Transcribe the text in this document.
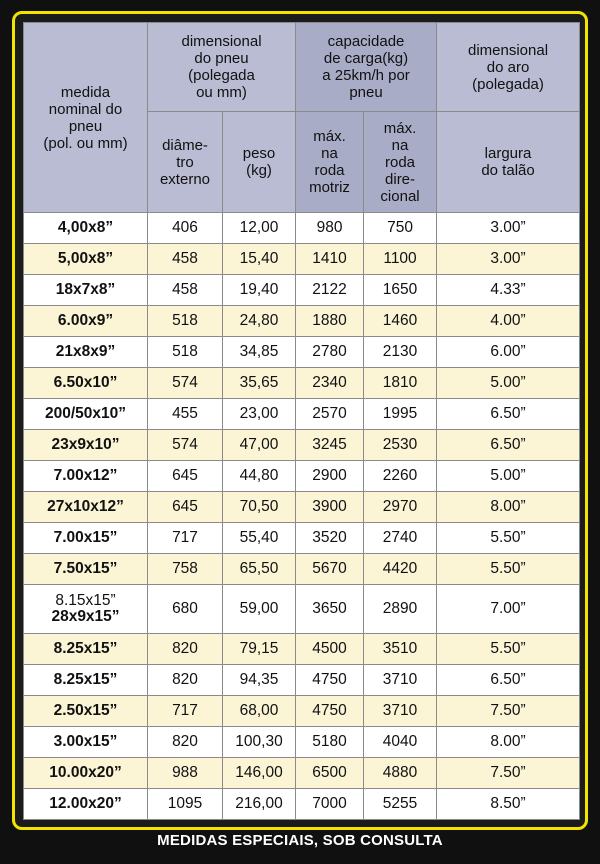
medida
nominal do
pneu
(pol. ou mm)	dimensional
do pneu
(polegada
ou mm)		capacidade
de carga(kg)
a 25km/h por
pneu		dimensional
do aro
(polegada)
	diâme-
tro
externo	peso
(kg)	máx.
na
roda
motriz	máx.
na
roda
dire-
cional	largura
do talão
4,00x8”	406	12,00	980	750	3.00”
5,00x8”	458	15,40	1410	1100	3.00”
18x7x8”	458	19,40	2122	1650	4.33”
6.00x9”	518	24,80	1880	1460	4.00”
21x8x9”	518	34,85	2780	2130	6.00”
6.50x10”	574	35,65	2340	1810	5.00”
200/50x10”	455	23,00	2570	1995	6.50”
23x9x10”	574	47,00	3245	2530	6.50”
7.00x12”	645	44,80	2900	2260	5.00”
27x10x12”	645	70,50	3900	2970	8.00”
7.00x15”	717	55,40	3520	2740	5.50”
7.50x15”	758	65,50	5670	4420	5.50”

8.15x15”
28x9x15”	680	59,00	3650	2890	7.00”
8.25x15”	820	79,15	4500	3510	5.50”
8.25x15”	820	94,35	4750	3710	6.50”
2.50x15”	717	68,00	4750	3710	7.50”
3.00x15”	820	100,30	5180	4040	8.00”
10.00x20”	988	146,00	6500	4880	7.50”
12.00x20”	1095	216,00	7000	5255	8.50”
MEDIDAS ESPECIAIS, SOB CONSULTA
